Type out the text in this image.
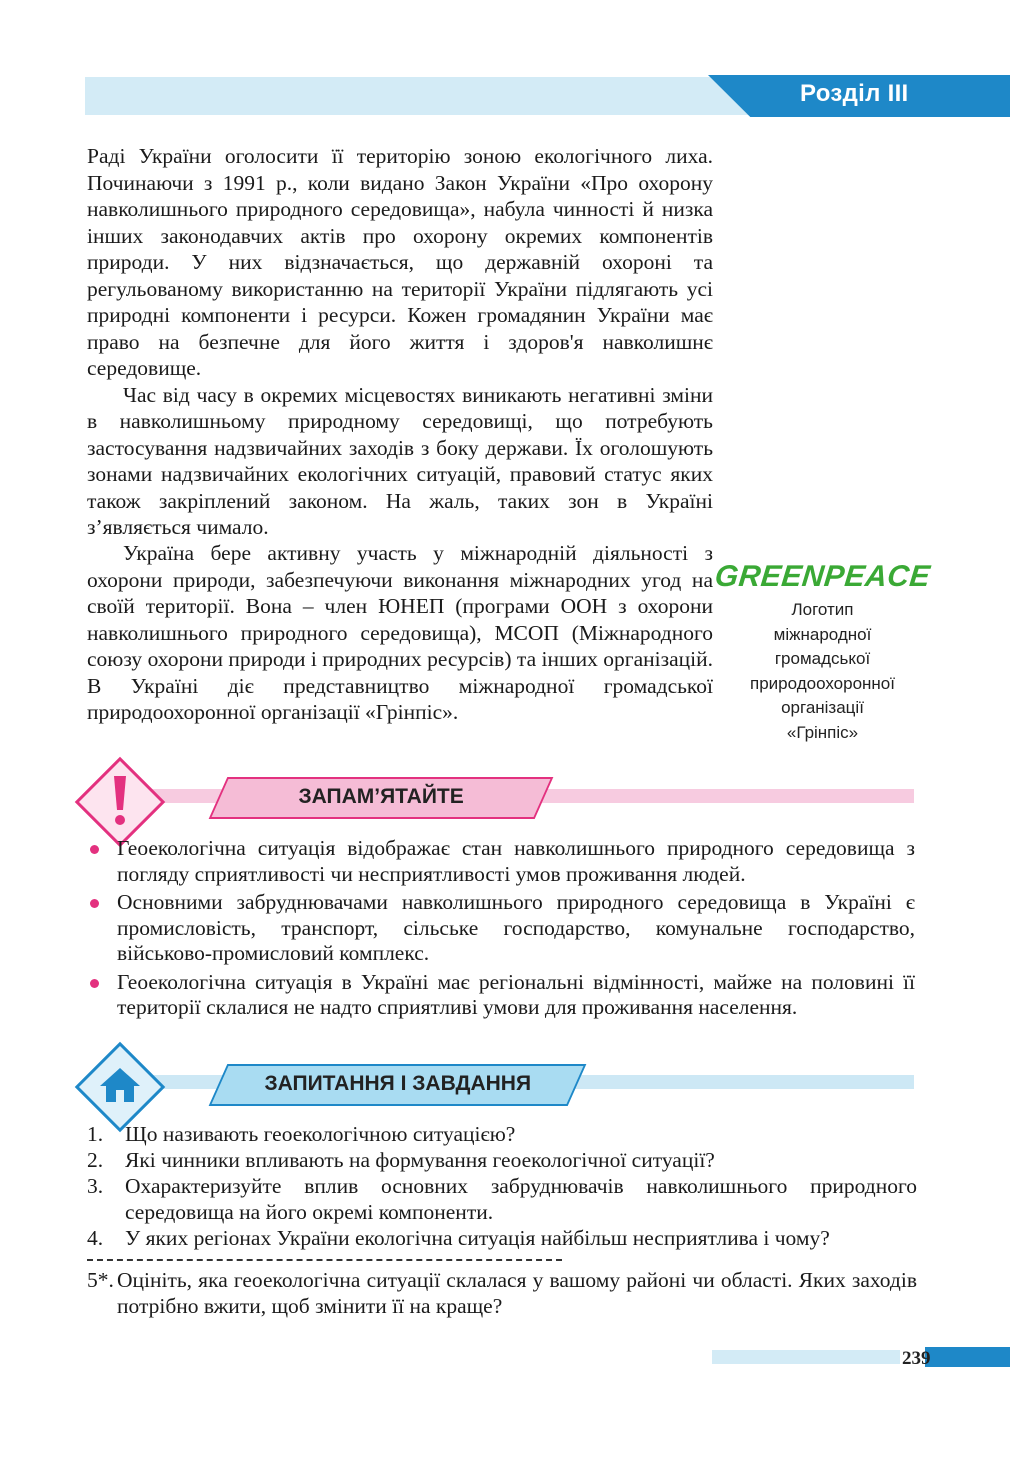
Розділ III

Раді України оголосити її територію зоною екологічного лиха. Починаючи з 1991 р., коли видано Закон України «Про охорону навколишнього природного середовища», набула чинності й низка інших законодавчих актів про охорону окремих компонентів природи. У них відзначається, що державній охороні та регульованому використанню на території України підлягають усі природні компоненти і ресурси. Кожен громадянин України має право на безпечне для його життя і здоров'я навколишнє середовище.

Час від часу в окремих місцевостях виникають негативні зміни в навколишньому природному середовищі, що потребують застосування надзвичайних заходів з боку держави. Їх оголошують зонами надзвичайних екологічних ситуацій, правовий статус яких також закріплений законом. На жаль, таких зон в Україні з’являється чимало.

Україна бере активну участь у міжнародній діяльності з охорони природи, забезпечуючи виконання міжнародних угод на своїй території. Вона – член ЮНЕП (програми ООН з охорони навколишнього природного середовища), МСОП (Міжнародного союзу охорони природи і природних ресурсів) та інших організацій. В Україні діє представництво міжнародної громадської природоохоронної організації «Грінпіс».

GREENPEACE
Логотип
міжнародної
громадської
природоохоронної
організації
«Грінпіс»
ЗАПАМ’ЯТАЙТЕ
Геоекологічна ситуація відображає стан навколишнього природного середовища з погляду сприятливості чи несприятливості умов проживання людей.
Основними забруднювачами навколишнього природного середовища в Україні є промисловість, транспорт, сільське господарство, комунальне господарство, військово-промисловий комплекс.
Геоекологічна ситуація в Україні має регіональні відмінності, майже на половині її території склалися не надто сприятливі умови для проживання населення.
ЗАПИТАННЯ І ЗАВДАННЯ
1.	Що називають геоекологічною ситуацією?
2.	Які чинники впливають на формування геоекологічної ситуації?
3.	Охарактеризуйте вплив основних забруднювачів навколишнього природного середовища на його окремі компоненти.
4.	У яких регіонах України екологічна ситуація найбільш несприятлива і чому?
5*. Оцініть, яка геоекологічна ситуації склалася у вашому районі чи області. Яких заходів потрібно вжити, щоб змінити її на краще?
239
